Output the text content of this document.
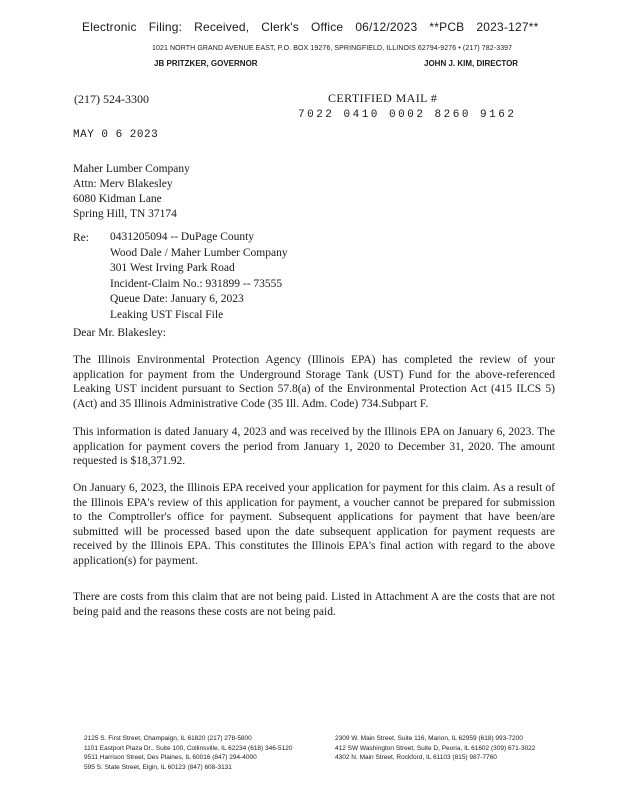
Electronic Filing: Received, Clerk's Office 06/12/2023 **PCB 2023-127**
1021 NORTH GRAND AVENUE EAST, P.O. BOX 19276, SPRINGFIELD, ILLINOIS 62794-9276 • (217) 782-3397
JB PRITZKER, GOVERNOR	JOHN J. KIM, DIRECTOR
(217) 524-3300	CERTIFIED MAIL #
7022 0410 0002 8260 9162
MAY 0 6 2023
Maher Lumber Company
Attn: Merv Blakesley
6080 Kidman Lane
Spring Hill, TN 37174
Re: 0431205094 -- DuPage County
Wood Dale / Maher Lumber Company
301 West Irving Park Road
Incident-Claim No.: 931899 -- 73555
Queue Date: January 6, 2023
Leaking UST Fiscal File
Dear Mr. Blakesley:
The Illinois Environmental Protection Agency (Illinois EPA) has completed the review of your application for payment from the Underground Storage Tank (UST) Fund for the above-referenced Leaking UST incident pursuant to Section 57.8(a) of the Environmental Protection Act (415 ILCS 5) (Act) and 35 Illinois Administrative Code (35 Ill. Adm. Code) 734.Subpart F.
This information is dated January 4, 2023 and was received by the Illinois EPA on January 6, 2023. The application for payment covers the period from January 1, 2020 to December 31, 2020. The amount requested is $18,371.92.
On January 6, 2023, the Illinois EPA received your application for payment for this claim. As a result of the Illinois EPA's review of this application for payment, a voucher cannot be prepared for submission to the Comptroller's office for payment. Subsequent applications for payment that have been/are submitted will be processed based upon the date subsequent application for payment requests are received by the Illinois EPA. This constitutes the Illinois EPA's final action with regard to the above application(s) for payment.
There are costs from this claim that are not being paid. Listed in Attachment A are the costs that are not being paid and the reasons these costs are not being paid.
2125 S. First Street, Champaign, IL 61820 (217) 278-5800
1101 Eastport Plaza Dr., Suite 100, Collinsville, IL 62234 (618) 346-5120
9511 Harrison Street, Des Plaines, IL 60016 (847) 294-4000
595 S. State Street, Elgin, IL 60123 (847) 608-3131
2309 W. Main Street, Suite 116, Marion, IL 62959 (618) 993-7200
412 SW Washington Street, Suite D, Peoria, IL 61602 (309) 671-3022
4302 N. Main Street, Rockford, IL 61103 (815) 987-7760
